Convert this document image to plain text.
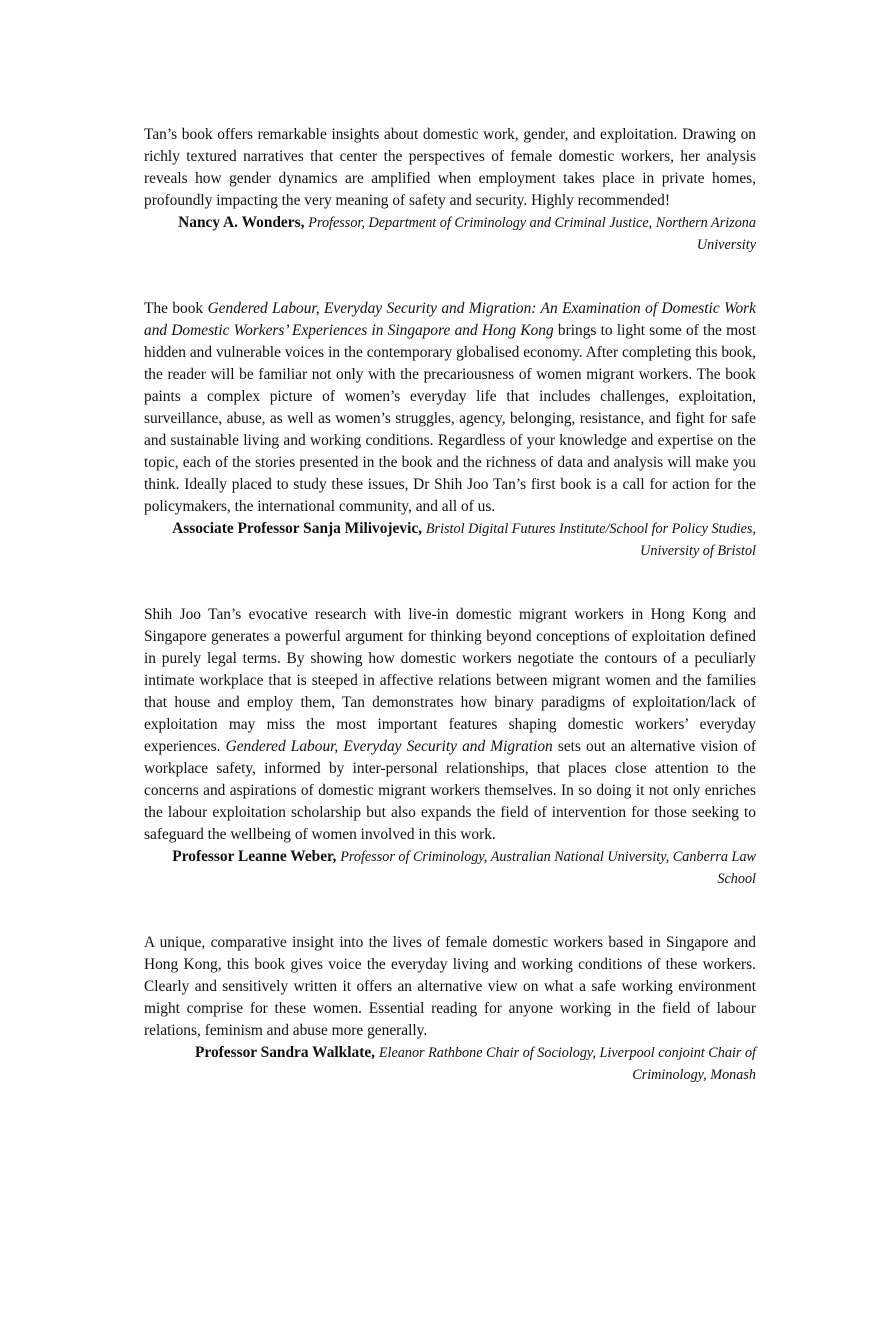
Tan’s book offers remarkable insights about domestic work, gender, and exploitation. Drawing on richly textured narratives that center the perspectives of female domestic workers, her analysis reveals how gender dynamics are amplified when employment takes place in private homes, profoundly impacting the very meaning of safety and security. Highly recommended!

Nancy A. Wonders, Professor, Department of Criminology and Criminal Justice, Northern Arizona University

The book Gendered Labour, Everyday Security and Migration: An Examination of Domestic Work and Domestic Workers’ Experiences in Singapore and Hong Kong brings to light some of the most hidden and vulnerable voices in the contemporary globalised economy. After completing this book, the reader will be familiar not only with the precariousness of women migrant workers. The book paints a complex picture of women’s everyday life that includes challenges, exploitation, surveillance, abuse, as well as women’s struggles, agency, belonging, resistance, and fight for safe and sustainable living and working conditions. Regardless of your knowledge and expertise on the topic, each of the stories presented in the book and the richness of data and analysis will make you think. Ideally placed to study these issues, Dr Shih Joo Tan’s first book is a call for action for the policymakers, the international community, and all of us.

Associate Professor Sanja Milivojevic, Bristol Digital Futures Institute/School for Policy Studies, University of Bristol

Shih Joo Tan’s evocative research with live-in domestic migrant workers in Hong Kong and Singapore generates a powerful argument for thinking beyond conceptions of exploitation defined in purely legal terms. By showing how domestic workers negotiate the contours of a peculiarly intimate workplace that is steeped in affective relations between migrant women and the families that house and employ them, Tan demonstrates how binary paradigms of exploitation/lack of exploitation may miss the most important features shaping domestic workers’ everyday experiences. Gendered Labour, Everyday Security and Migration sets out an alternative vision of workplace safety, informed by inter-personal relationships, that places close attention to the concerns and aspirations of domestic migrant workers themselves. In so doing it not only enriches the labour exploitation scholarship but also expands the field of intervention for those seeking to safeguard the wellbeing of women involved in this work.

Professor Leanne Weber, Professor of Criminology, Australian National University, Canberra Law School

A unique, comparative insight into the lives of female domestic workers based in Singapore and Hong Kong, this book gives voice the everyday living and working conditions of these workers. Clearly and sensitively written it offers an alternative view on what a safe working environment might comprise for these women. Essential reading for anyone working in the field of labour relations, feminism and abuse more generally.

Professor Sandra Walklate, Eleanor Rathbone Chair of Sociology, Liverpool conjoint Chair of Criminology, Monash
